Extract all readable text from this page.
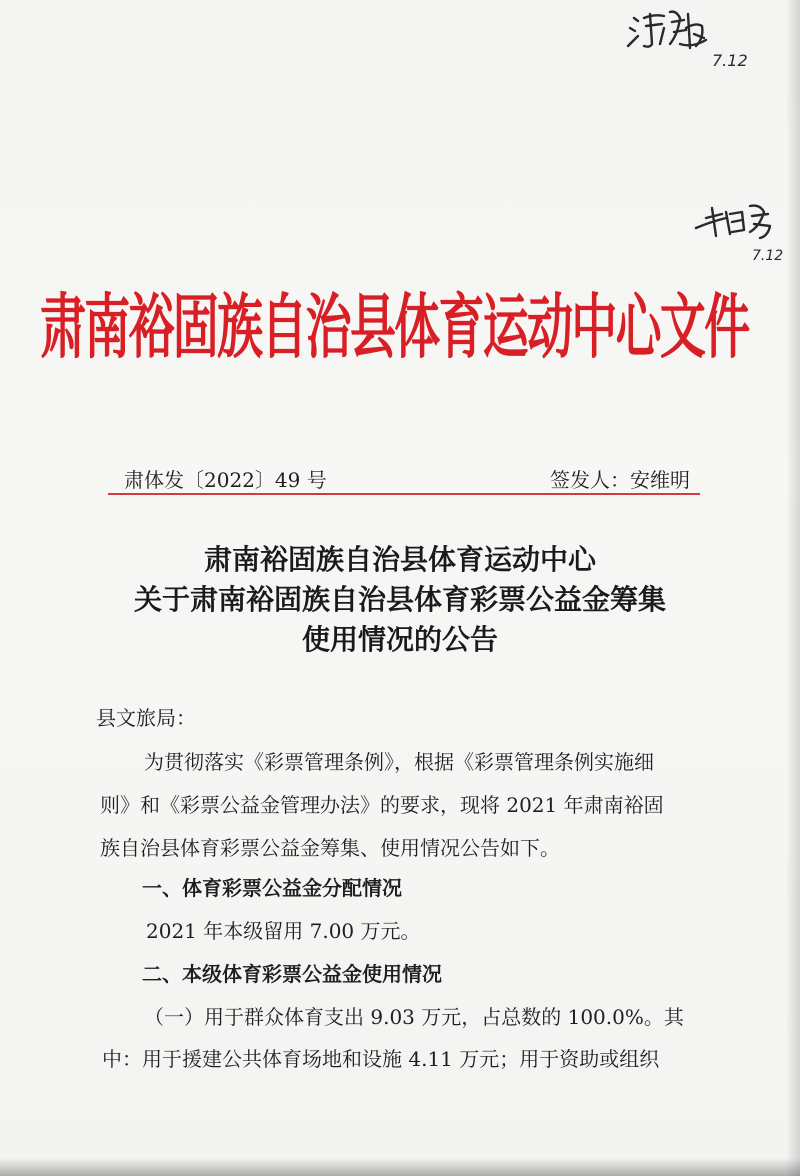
7.12
7.12
肃南裕固族自治县体育运动中心文件
肃体发〔2022〕49 号	签发人：安维明
肃南裕固族自治县体育运动中心
关于肃南裕固族自治县体育彩票公益金筹集
使用情况的公告
县文旅局：
为贯彻落实《彩票管理条例》，根据《彩票管理条例实施细
则》和《彩票公益金管理办法》的要求，现将 2021 年肃南裕固
族自治县体育彩票公益金筹集、使用情况公告如下。
一、体育彩票公益金分配情况
2021 年本级留用 7.00 万元。
二、本级体育彩票公益金使用情况
（一）用于群众体育支出 9.03 万元，占总数的 100.0%。其
中：用于援建公共体育场地和设施 4.11 万元；用于资助或组织
